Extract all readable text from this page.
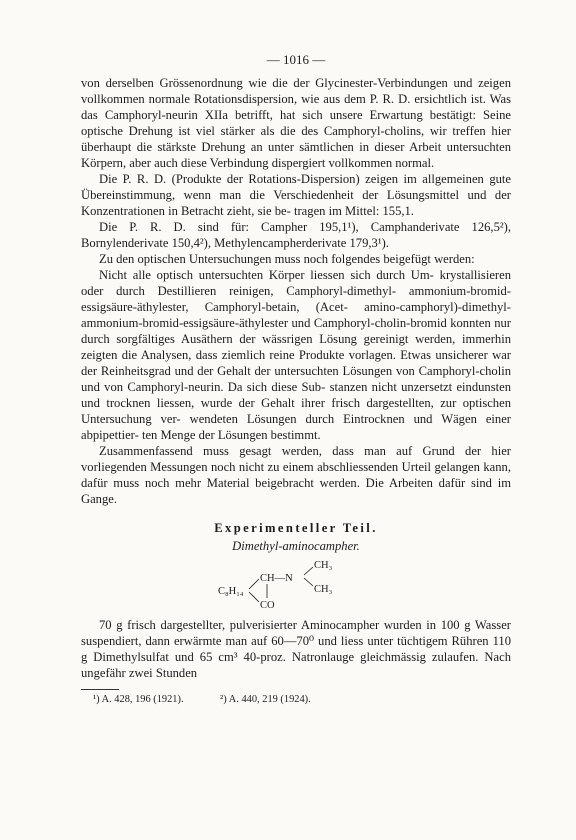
— 1016 —

von derselben Grössenordnung wie die der Glycinester-Verbindungen und zeigen vollkommen normale Rotationsdispersion, wie aus dem P. R. D. ersichtlich ist. Was das Camphoryl-neurin XIIa betrifft, hat sich unsere Erwartung bestätigt: Seine optische Drehung ist viel stärker als die des Camphoryl-cholins, wir treffen hier überhaupt die stärkste Drehung an unter sämtlichen in dieser Arbeit untersuchten Körpern, aber auch diese Verbindung dispergiert vollkommen normal.

Die P. R. D. (Produkte der Rotations-Dispersion) zeigen im allgemeinen gute Übereinstimmung, wenn man die Verschiedenheit der Lösungsmittel und der Konzentrationen in Betracht zieht, sie be- tragen im Mittel: 155,1.

Die P. R. D. sind für: Campher 195,1¹), Camphanderivate 126,5²), Bornylenderivate 150,4²), Methylencampherderivate 179,3¹).

Zu den optischen Untersuchungen muss noch folgendes beigefügt werden:

Nicht alle optisch untersuchten Körper liessen sich durch Um- krystallisieren oder durch Destillieren reinigen, Camphoryl-dimethyl- ammonium-bromid-essigsäure-äthylester, Camphoryl-betain, (Acet- amino-camphoryl)-dimethyl-ammonium-bromid-essigsäure-äthylester und Camphoryl-cholin-bromid konnten nur durch sorgfältiges Ausäthern der wässrigen Lösung gereinigt werden, immerhin zeigten die Analysen, dass ziemlich reine Produkte vorlagen. Etwas unsicherer war der Reinheitsgrad und der Gehalt der untersuchten Lösungen von Camphoryl-cholin und von Camphoryl-neurin. Da sich diese Sub- stanzen nicht unzersetzt eindunsten und trocknen liessen, wurde der Gehalt ihrer frisch dargestellten, zur optischen Untersuchung ver- wendeten Lösungen durch Eintrocknen und Wägen einer abpipettier- ten Menge der Lösungen bestimmt.

Zusammenfassend muss gesagt werden, dass man auf Grund der hier vorliegenden Messungen noch nicht zu einem abschliessenden Urteil gelangen kann, dafür muss noch mehr Material beigebracht werden. Die Arbeiten dafür sind im Gange.

Experimenteller Teil.
Dimethyl-aminocampher.
CH₃
CH—N
CH₃
C₈H₁₄
CO

70 g frisch dargestellter, pulverisierter Aminocampher wurden in 100 g Wasser suspendiert, dann erwärmte man auf 60—70⁰ und liess unter tüchtigem Rühren 110 g Dimethylsulfat und 65 cm³ 40-proz. Natronlauge gleichmässig zulaufen. Nach ungefähr zwei Stunden

¹) A. 428, 196 (1921).	²) A. 440, 219 (1924).
